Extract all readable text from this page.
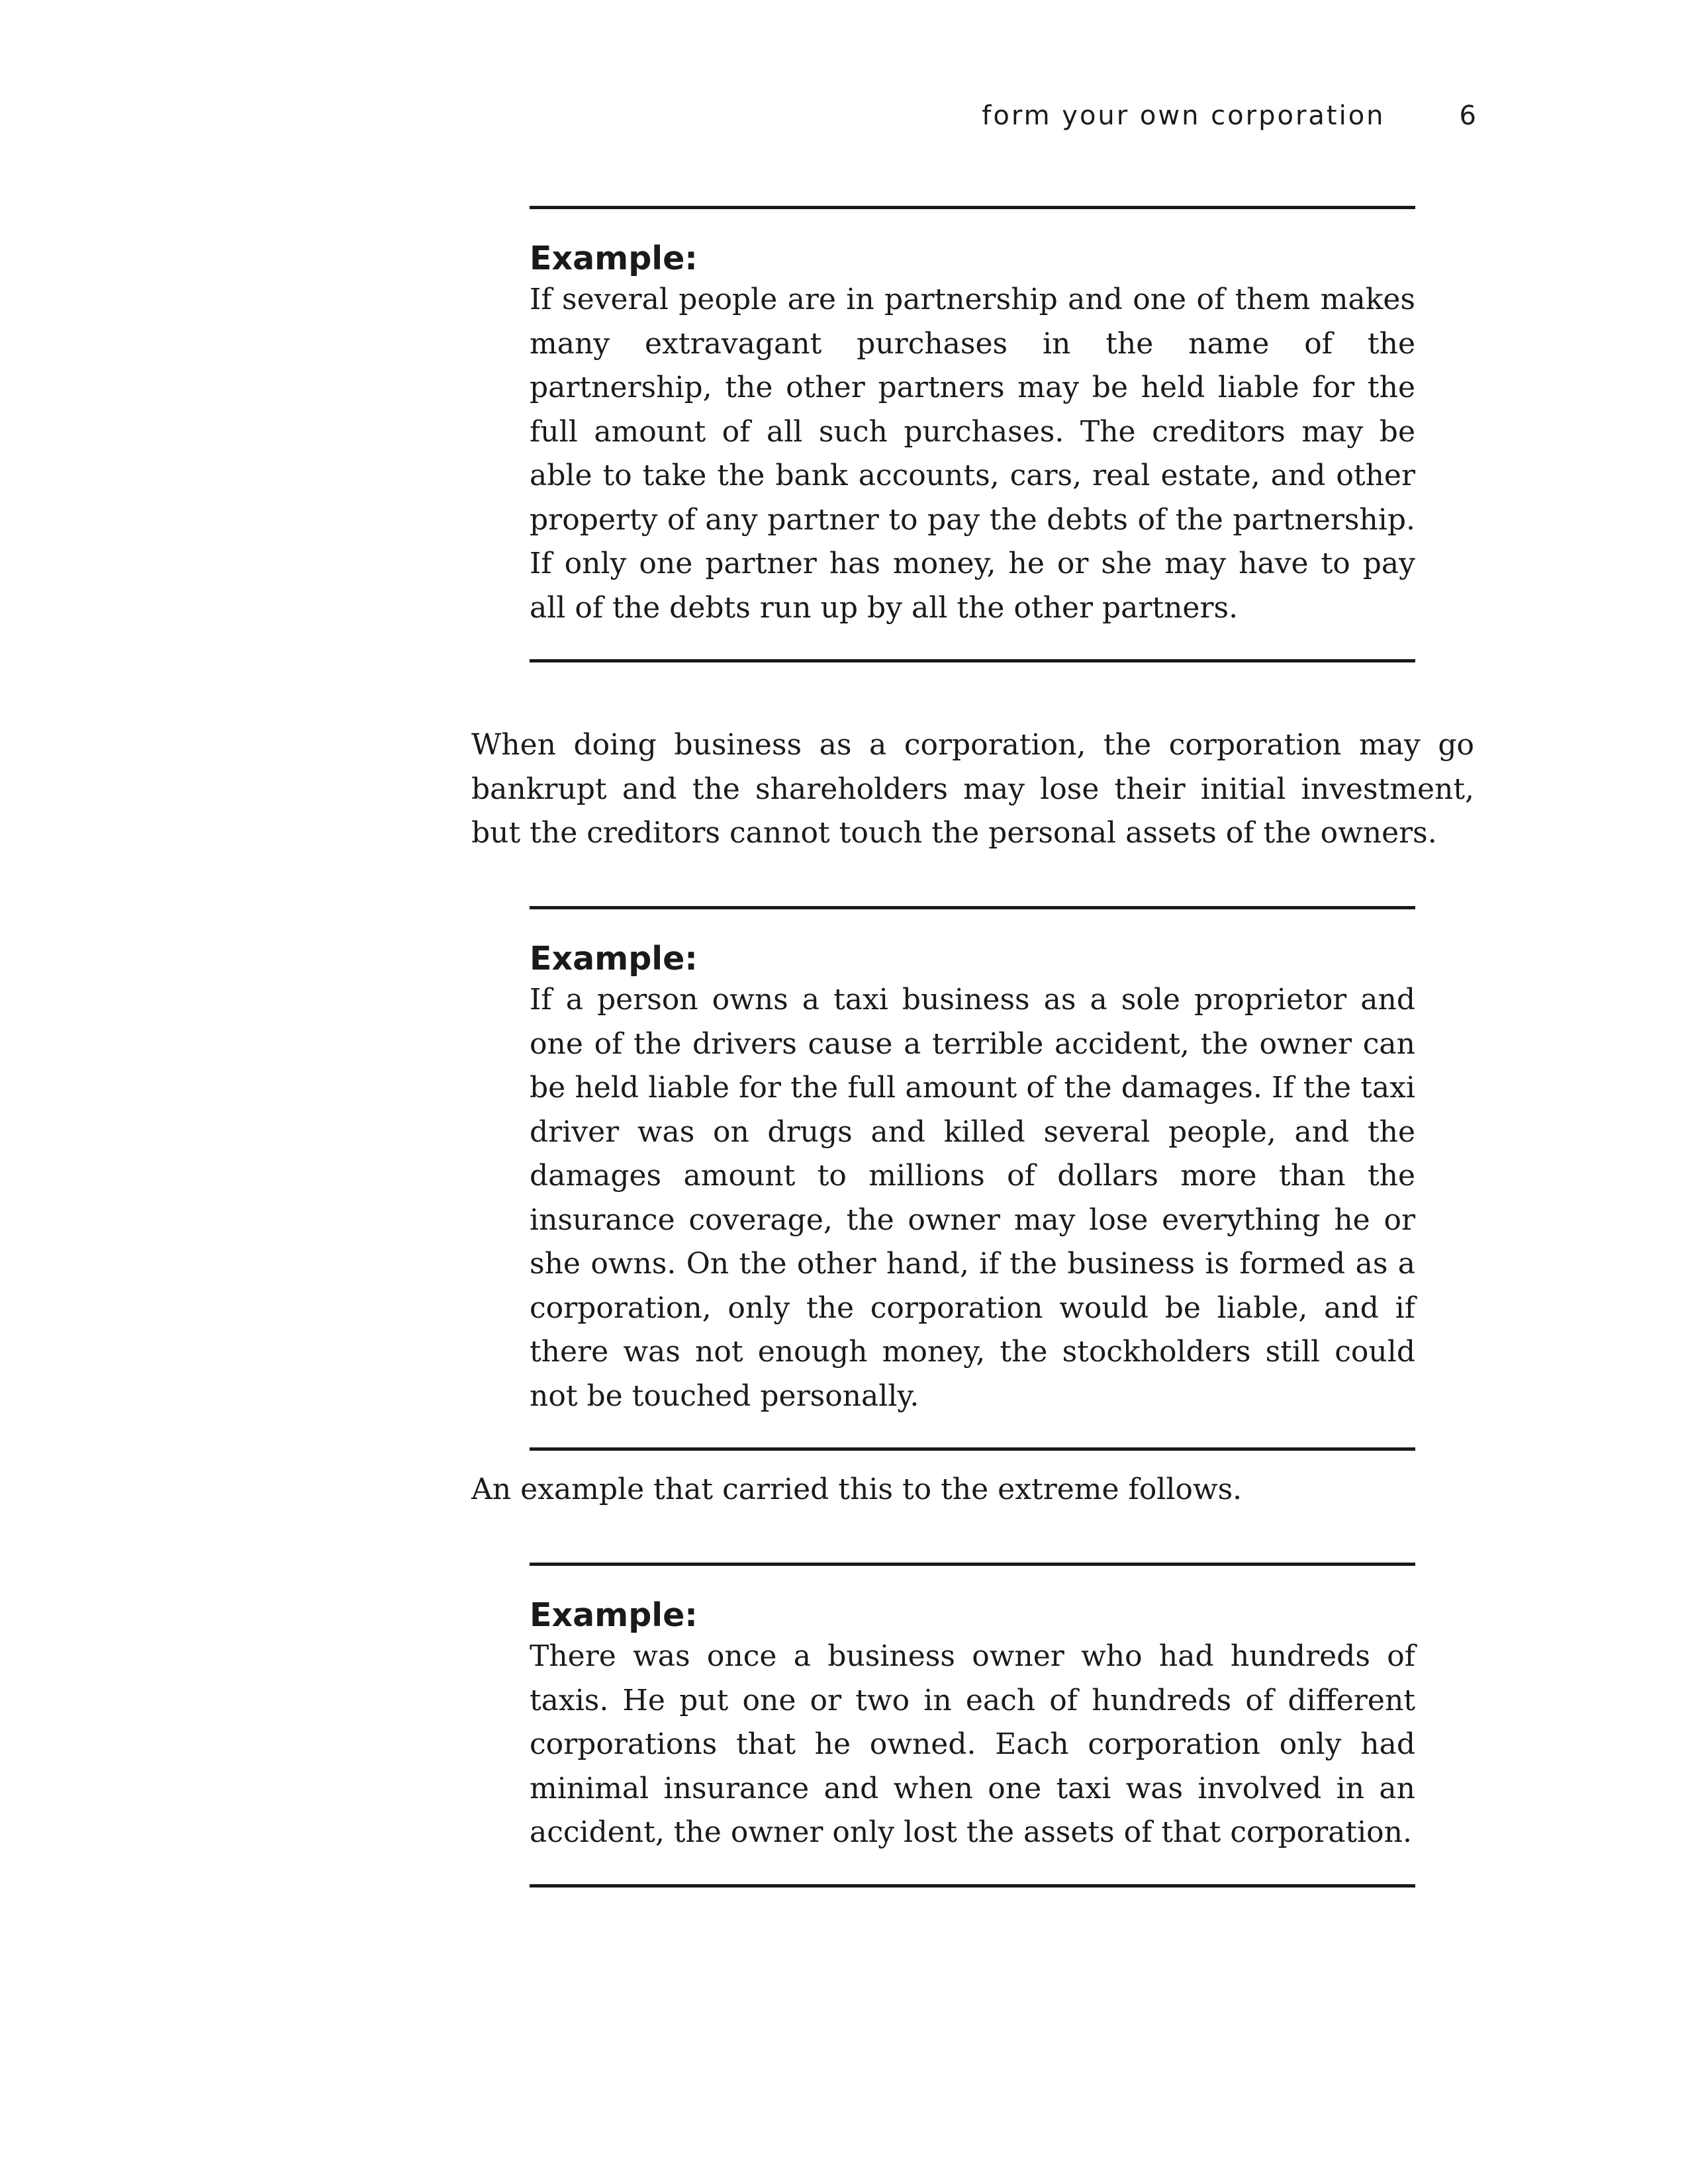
form your own corporation	6
Example:

If several people are in partnership and one of them makes many extravagant purchases in the name of the partnership, the other partners may be held liable for the full amount of all such purchases. The creditors may be able to take the bank accounts, cars, real estate, and other property of any partner to pay the debts of the partnership. If only one partner has money, he or she may have to pay all of the debts run up by all the other partners.

When doing business as a corporation, the corporation may go bankrupt and the shareholders may lose their initial investment, but the creditors cannot touch the personal assets of the owners.

Example:

If a person owns a taxi business as a sole proprietor and one of the drivers cause a terrible accident, the owner can be held liable for the full amount of the damages. If the taxi driver was on drugs and killed several people, and the damages amount to millions of dollars more than the insurance coverage, the owner may lose everything he or she owns. On the other hand, if the business is formed as a corporation, only the corporation would be liable, and if there was not enough money, the stockholders still could not be touched personally.

An example that carried this to the extreme follows.

Example:

There was once a business owner who had hundreds of taxis. He put one or two in each of hundreds of different corporations that he owned. Each corporation only had minimal insurance and when one taxi was involved in an accident, the owner only lost the assets of that corporation.
